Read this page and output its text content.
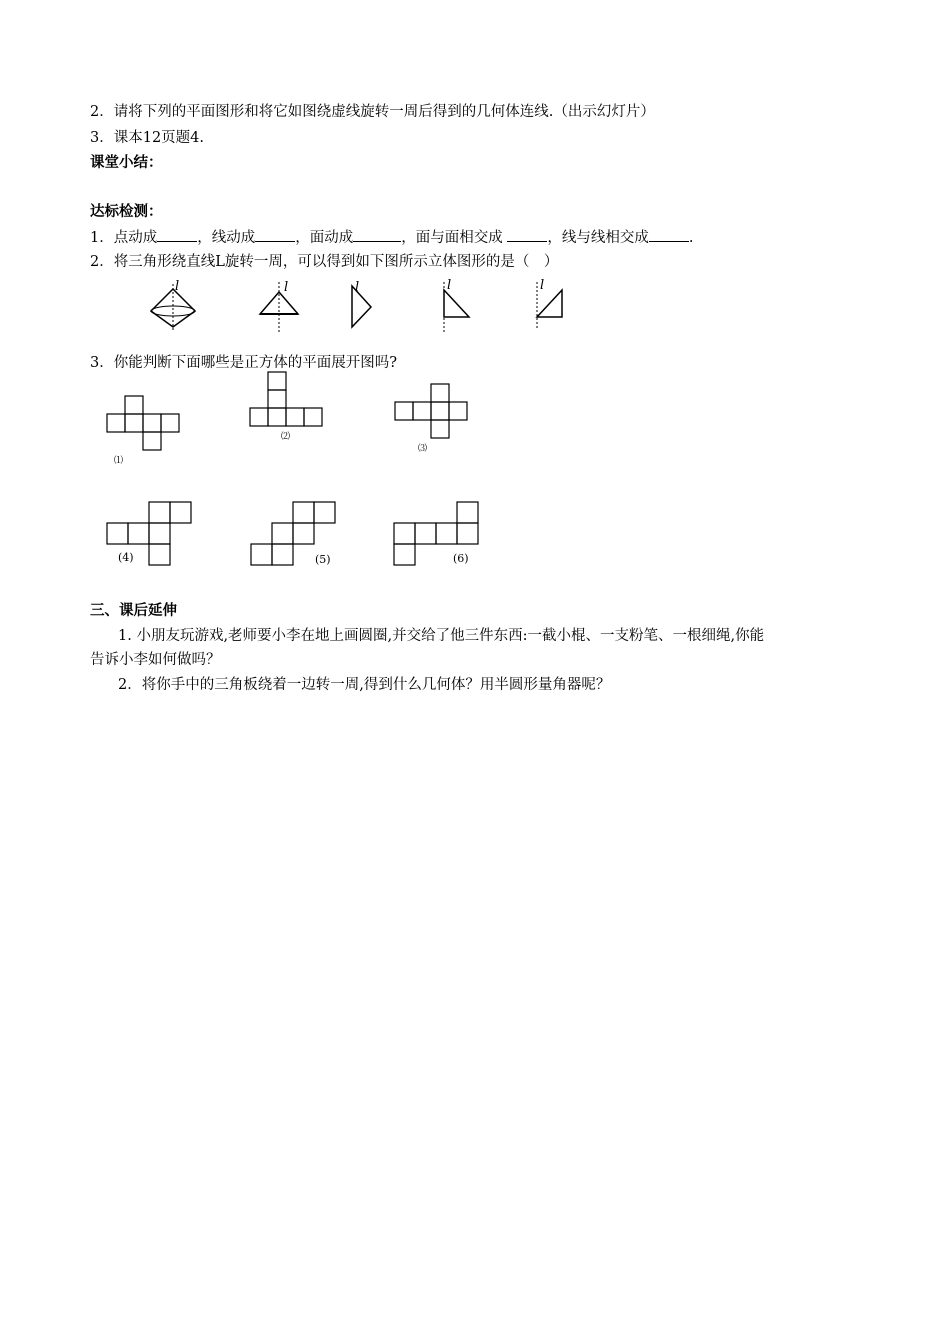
2．请将下列的平面图形和将它如图绕虚线旋转一周后得到的几何体连线.（出示幻灯片）
3．课本12页题4.
课堂小结：
达标检测：
1．点动成	，线动成	，面动成	，面与面相交成	，线与线相交成	.
2．将三角形绕直线L旋转一周，可以得到如下图所示立体图形的是（　）
l	l	l	l	l
3．你能判断下面哪些是正方体的平面展开图吗?
⑴
⑵
⑶
(4)	(5)	(6)
三、课后延伸
1. 小朋友玩游戏,老师要小李在地上画圆圈,并交给了他三件东西:一截小棍、一支粉笔、一根细绳,你能
告诉小李如何做吗？
2．将你手中的三角板绕着一边转一周,得到什么几何体？用半圆形量角器呢？
